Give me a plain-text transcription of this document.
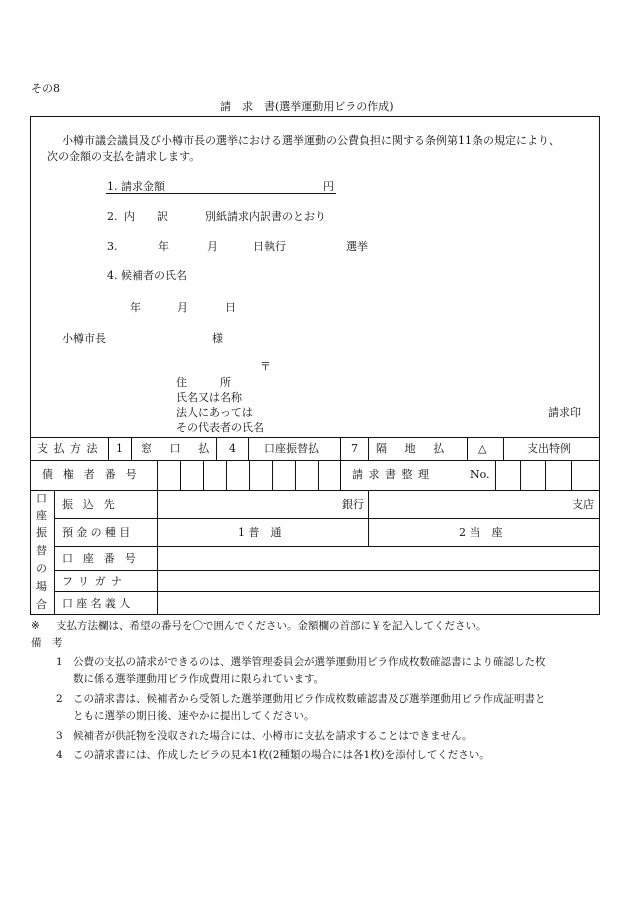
その8
請　求　書(選挙運動用ビラの作成)
小樽市議会議員及び小樽市長の選挙における選挙運動の公費負担に関する条例第11条の規定により、
次の金額の支払を請求します。
1. 請求金額	円
2. 内　　訳	別紙請求内訳書のとおり
3.	年	月	日執行	選挙
4. 候補者の氏名
年	月	日
小樽市長	様
〒
住　　　所
氏名又は名称
法人にあっては
その代表者の氏名
請求印
支払方法 1 窓　口　払 4	口座振替払	7 隔　地　払	△	支出特例
債権者番号	請求書整理	No.
口
座
振
替
の
場
合
振込先	銀行	支店
預金の種目	1 普　通	2 当　座
口座番号
フリガナ
口座名義人
※ 支払方法欄は、希望の番号を〇で囲んでください。金額欄の首部に￥を記入してください。
備　考
1 公費の支払の請求ができるのは、選挙管理委員会が選挙運動用ビラ作成枚数確認書により確認した枚
数に係る選挙運動用ビラ作成費用に限られています。
2 この請求書は、候補者から受領した選挙運動用ビラ作成枚数確認書及び選挙運動用ビラ作成証明書と
ともに選挙の期日後、速やかに提出してください。
3 候補者が供託物を没収された場合には、小樽市に支払を請求することはできません。
4 この請求書には、作成したビラの見本1枚(2種類の場合には各1枚)を添付してください。
